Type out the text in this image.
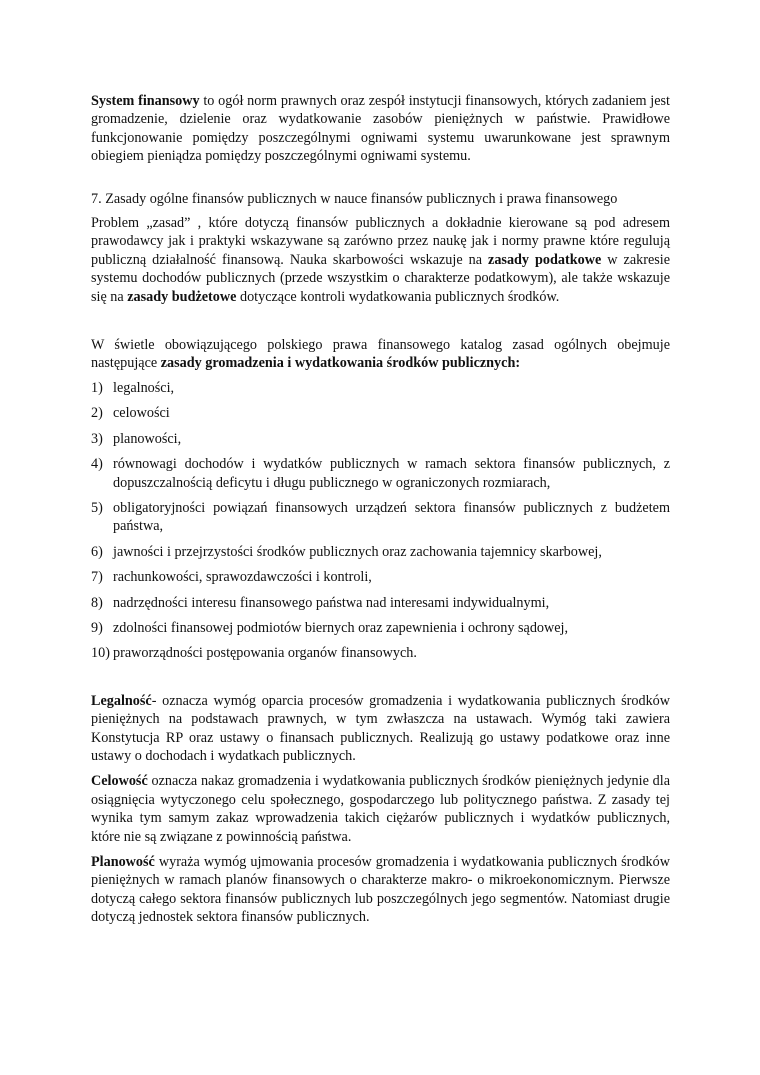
System finansowy to ogół norm prawnych oraz zespół instytucji finansowych, których zadaniem jest gromadzenie, dzielenie oraz wydatkowanie zasobów pieniężnych w państwie. Prawidłowe funkcjonowanie pomiędzy poszczególnymi ogniwami systemu uwarunkowane jest sprawnym obiegiem pieniądza pomiędzy poszczególnymi ogniwami systemu.

7. Zasady ogólne finansów publicznych w nauce finansów publicznych i prawa finansowego

Problem „zasad” , które dotyczą finansów publicznych a dokładnie kierowane są pod adresem prawodawcy jak i praktyki wskazywane są zarówno przez naukę jak i normy prawne które regulują publiczną działalność finansową. Nauka skarbowości wskazuje na zasady podatkowe w zakresie systemu dochodów publicznych (przede wszystkim o charakterze podatkowym), ale także wskazuje się na zasady budżetowe dotyczące kontroli wydatkowania publicznych środków.

W świetle obowiązującego polskiego prawa finansowego katalog zasad ogólnych obejmuje następujące zasady gromadzenia i wydatkowania środków publicznych:

1) legalności,
2) celowości
3) planowości,
4) równowagi dochodów i wydatków publicznych w ramach sektora finansów publicznych, z dopuszczalnością deficytu i długu publicznego w ograniczonych rozmiarach,
5) obligatoryjności powiązań finansowych urządzeń sektora finansów publicznych z budżetem państwa,
6) jawności i przejrzystości środków publicznych oraz zachowania tajemnicy skarbowej,
7) rachunkowości, sprawozdawczości i kontroli,
8) nadrzędności interesu finansowego państwa nad interesami indywidualnymi,
9) zdolności finansowej podmiotów biernych oraz zapewnienia i ochrony sądowej,
10) praworządności postępowania organów finansowych.

Legalność- oznacza wymóg oparcia procesów gromadzenia i wydatkowania publicznych środków pieniężnych na podstawach prawnych, w tym zwłaszcza na ustawach. Wymóg taki zawiera Konstytucja RP oraz ustawy o finansach publicznych. Realizują go ustawy podatkowe oraz inne ustawy o dochodach i wydatkach publicznych.

Celowość oznacza nakaz gromadzenia i wydatkowania publicznych środków pieniężnych jedynie dla osiągnięcia wytyczonego celu społecznego, gospodarczego lub politycznego państwa. Z zasady tej wynika tym samym zakaz wprowadzenia takich ciężarów publicznych i wydatków publicznych, które nie są związane z powinnością państwa.

Planowość wyraża wymóg ujmowania procesów gromadzenia i wydatkowania publicznych środków pieniężnych w ramach planów finansowych o charakterze makro- o mikroekonomicznym. Pierwsze dotyczą całego sektora finansów publicznych lub poszczególnych jego segmentów. Natomiast drugie dotyczą jednostek sektora finansów publicznych.
